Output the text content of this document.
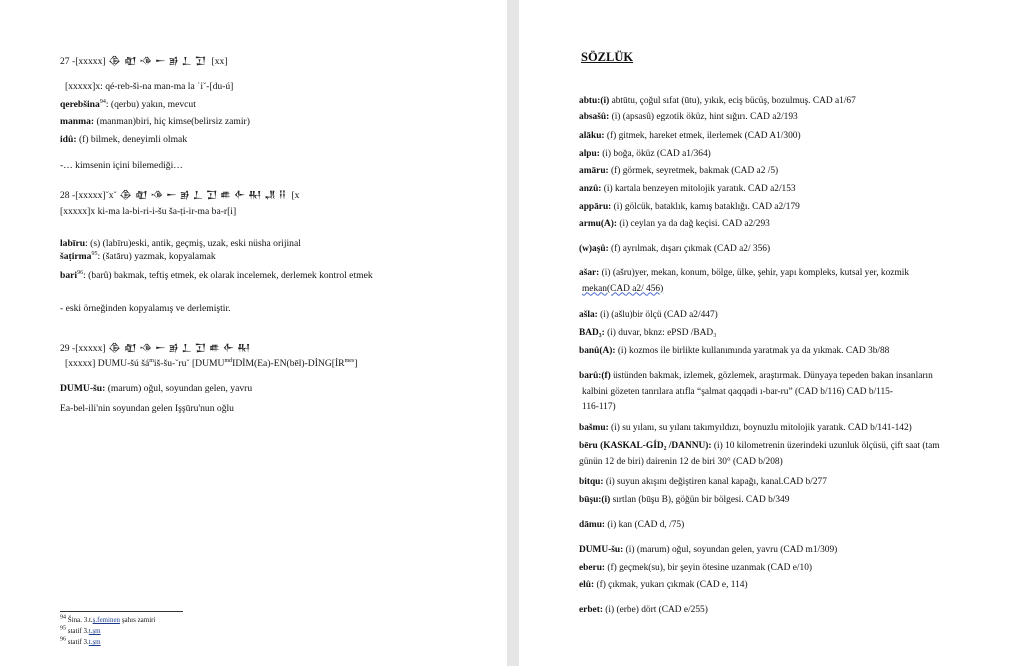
27 -[xxxxx] 𒆠𒊏𒈾𒀸𒂊𒁇𒋛 [xx]
[xxxxx]x: qé-reb-ši-na man-ma la ʾi˘-[du-ú]
qerebšina$^{94}$: (qerbu) yakın, mevcut
manma: (manman)biri, hiç kimse(belirsiz zamir)
idû: (f) bilmek, deneyimli olmak
-… kimsenin içini bilemediği…
28 -[xxxxx]˘x˘ 𒆠𒊏𒈾𒀸𒂊𒁇𒋛𒌑𒅆𒊑𒂗𒍝 [x
[xxxxx]x ki-ma la-bi-ri-i-šu ša-ṭi-ir-ma ba-r[i]
labīru: (s) (labīru)eski, antik, geçmiş, uzak, eski nüsha orijinal
šaṭirma$^{95}$: (šatāru) yazmak, kopyalamak
bari$^{96}$: (barû) bakmak, teftiş etmek, ek olarak incelemek, derlemek kontrol etmek
- eski örneğinden kopyalamış ve derlemiştir.
29 -[xxxxx] 𒆠𒊏𒈾𒀸𒂊𒁇𒋛𒌑𒅆𒊑
[xxxxx] DUMU-šú $šá^miš-šu-˘ru˘$ [$DUMU^{md}IDİM(Ea)-EN(bēl)-DİNG[İR^{mes}]$
DUMU-šu: (marum) oğul, soyundan gelen, yavru
Ea-bel-ili'nin soyundan gelen Işşūru'nun oğlu
$^{94}$ Šina. 3.t.ş.feminen şahıs zamiri
$^{95}$ statif 3.t.şm
$^{96}$ statif 3.t.şm
SÖZLÜK
abtu:(i) abtūtu, çoğul sıfat (ūtu), yıkık, eciş bücüş, bozulmuş. CAD a1/67
absašû: (i) (apsasû) egzotik öküz, hint sığırı. CAD a2/193
alāku: (f) gitmek, hareket etmek, ilerlemek (CAD A1/300)
alpu: (i) boğa, öküz (CAD a1/364)
amāru: (f) görmek, seyretmek, bakmak (CAD a2 /5)
anzû: (i) kartala benzeyen mitolojik yaratık. CAD a2/153
appāru: (i) gölcük, bataklık, kamış bataklığı. CAD a2/179
armu(A): (i) ceylan ya da dağ keçisi. CAD a2/293
(w)aşû: (f) ayrılmak, dışarı çıkmak (CAD a2/ 356)
ašar: (i) (ašru)yer, mekan, konum, bölge, ülke, şehir, yapı kompleks, kutsal yer, kozmik
mekan(CAD a2/ 456)
ašla: (i) (ašlu)bir ölçü (CAD a2/447)
BAD₃: (i) duvar, bknz: ePSD /BAD₃
banû(A): (i) kozmos ile birlikte kullanımında yaratmak ya da yıkmak. CAD 3b/88
barû:(f) üstünden bakmak, izlemek, gözlemek, araştırmak. Dünyaya tepeden bakan insanların
kalbini gözeten tanrılara atıfla “şalmat qaqqadi ı-bar-ru” (CAD b/116) CAD b/115-
116-117)
bašmu: (i) su yılanı, su yılanı takımyıldızı, boynuzlu mitolojik yaratık. CAD b/141-142)
bēru (KASKAL-GÍD₂ /DANNU): (i) 10 kilometrenin üzerindeki uzunluk ölçüsü, çift saat (tam
günün 12 de biri) dairenin 12 de biri 30° (CAD b/208)
bitqu: (i) suyun akışını değiştiren kanal kapağı, kanal.CAD b/277
būşu:(i) sırtlan (būşu B), göğün bir bölgesi. CAD b/349
dāmu: (i) kan (CAD d, /75)
DUMU-šu: (i) (marum) oğul, soyundan gelen, yavru (CAD m1/309)
eberu: (f) geçmek(su), bir şeyin ötesine uzanmak (CAD e/10)
elû: (f) çıkmak, yukarı çıkmak (CAD e, 114)
erbet: (i) (erbe) dört (CAD e/255)
